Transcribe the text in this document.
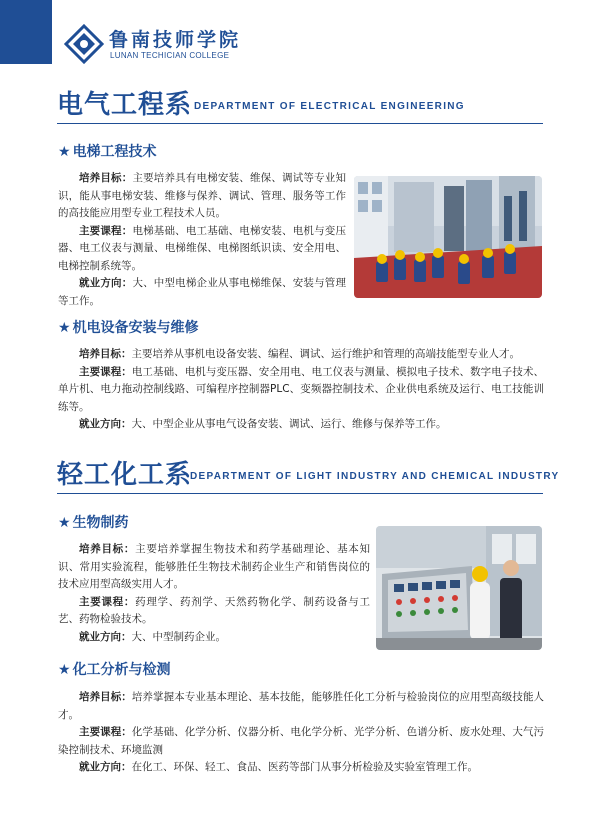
鲁南技师学院
LUNAN TECHICIAN COLLEGE
电气工程系 DEPARTMENT OF ELECTRICAL ENGINEERING
★ 电梯工程技术

培养目标：主要培养具有电梯安装、维保、调试等专业知识，能从事电梯安装、维修与保养、调试、管理、服务等工作的高技能应用型专业工程技术人员。

主要课程：电梯基础、电工基础、电梯安装、电机与变压器、电工仪表与测量、电梯维保、电梯图纸识读、安全用电、电梯控制系统等。

就业方向：大、中型电梯企业从事电梯维保、安装与管理等工作。

★ 机电设备安装与维修

培养目标：主要培养从事机电设备安装、编程、调试、运行维护和管理的高端技能型专业人才。

主要课程：电工基础、电机与变压器、安全用电、电工仪表与测量、模拟电子技术、数字电子技术、单片机、电力拖动控制线路、可编程序控制器PLC、变频器控制技术、企业供电系统及运行、电工技能训练等。

就业方向：大、中型企业从事电气设备安装、调试、运行、维修与保养等工作。

轻工化工系
DEPARTMENT OF LIGHT INDUSTRY AND CHEMICAL INDUSTRY
★ 生物制药

培养目标：主要培养掌握生物技术和药学基础理论、基本知识、常用实验流程，能够胜任生物技术制药企业生产和销售岗位的技术应用型高级实用人才。

主要课程：药理学、药剂学、天然药物化学、制药设备与工艺、药物检验技术。

就业方向：大、中型制药企业。

★ 化工分析与检测

培养目标：培养掌握本专业基本理论、基本技能，能够胜任化工分析与检验岗位的应用型高级技能人才。

主要课程：化学基础、化学分析、仪器分析、电化学分析、光学分析、色谱分析、废水处理、大气污染控制技术、环境监测

就业方向：在化工、环保、轻工、食品、医药等部门从事分析检验及实验室管理工作。
